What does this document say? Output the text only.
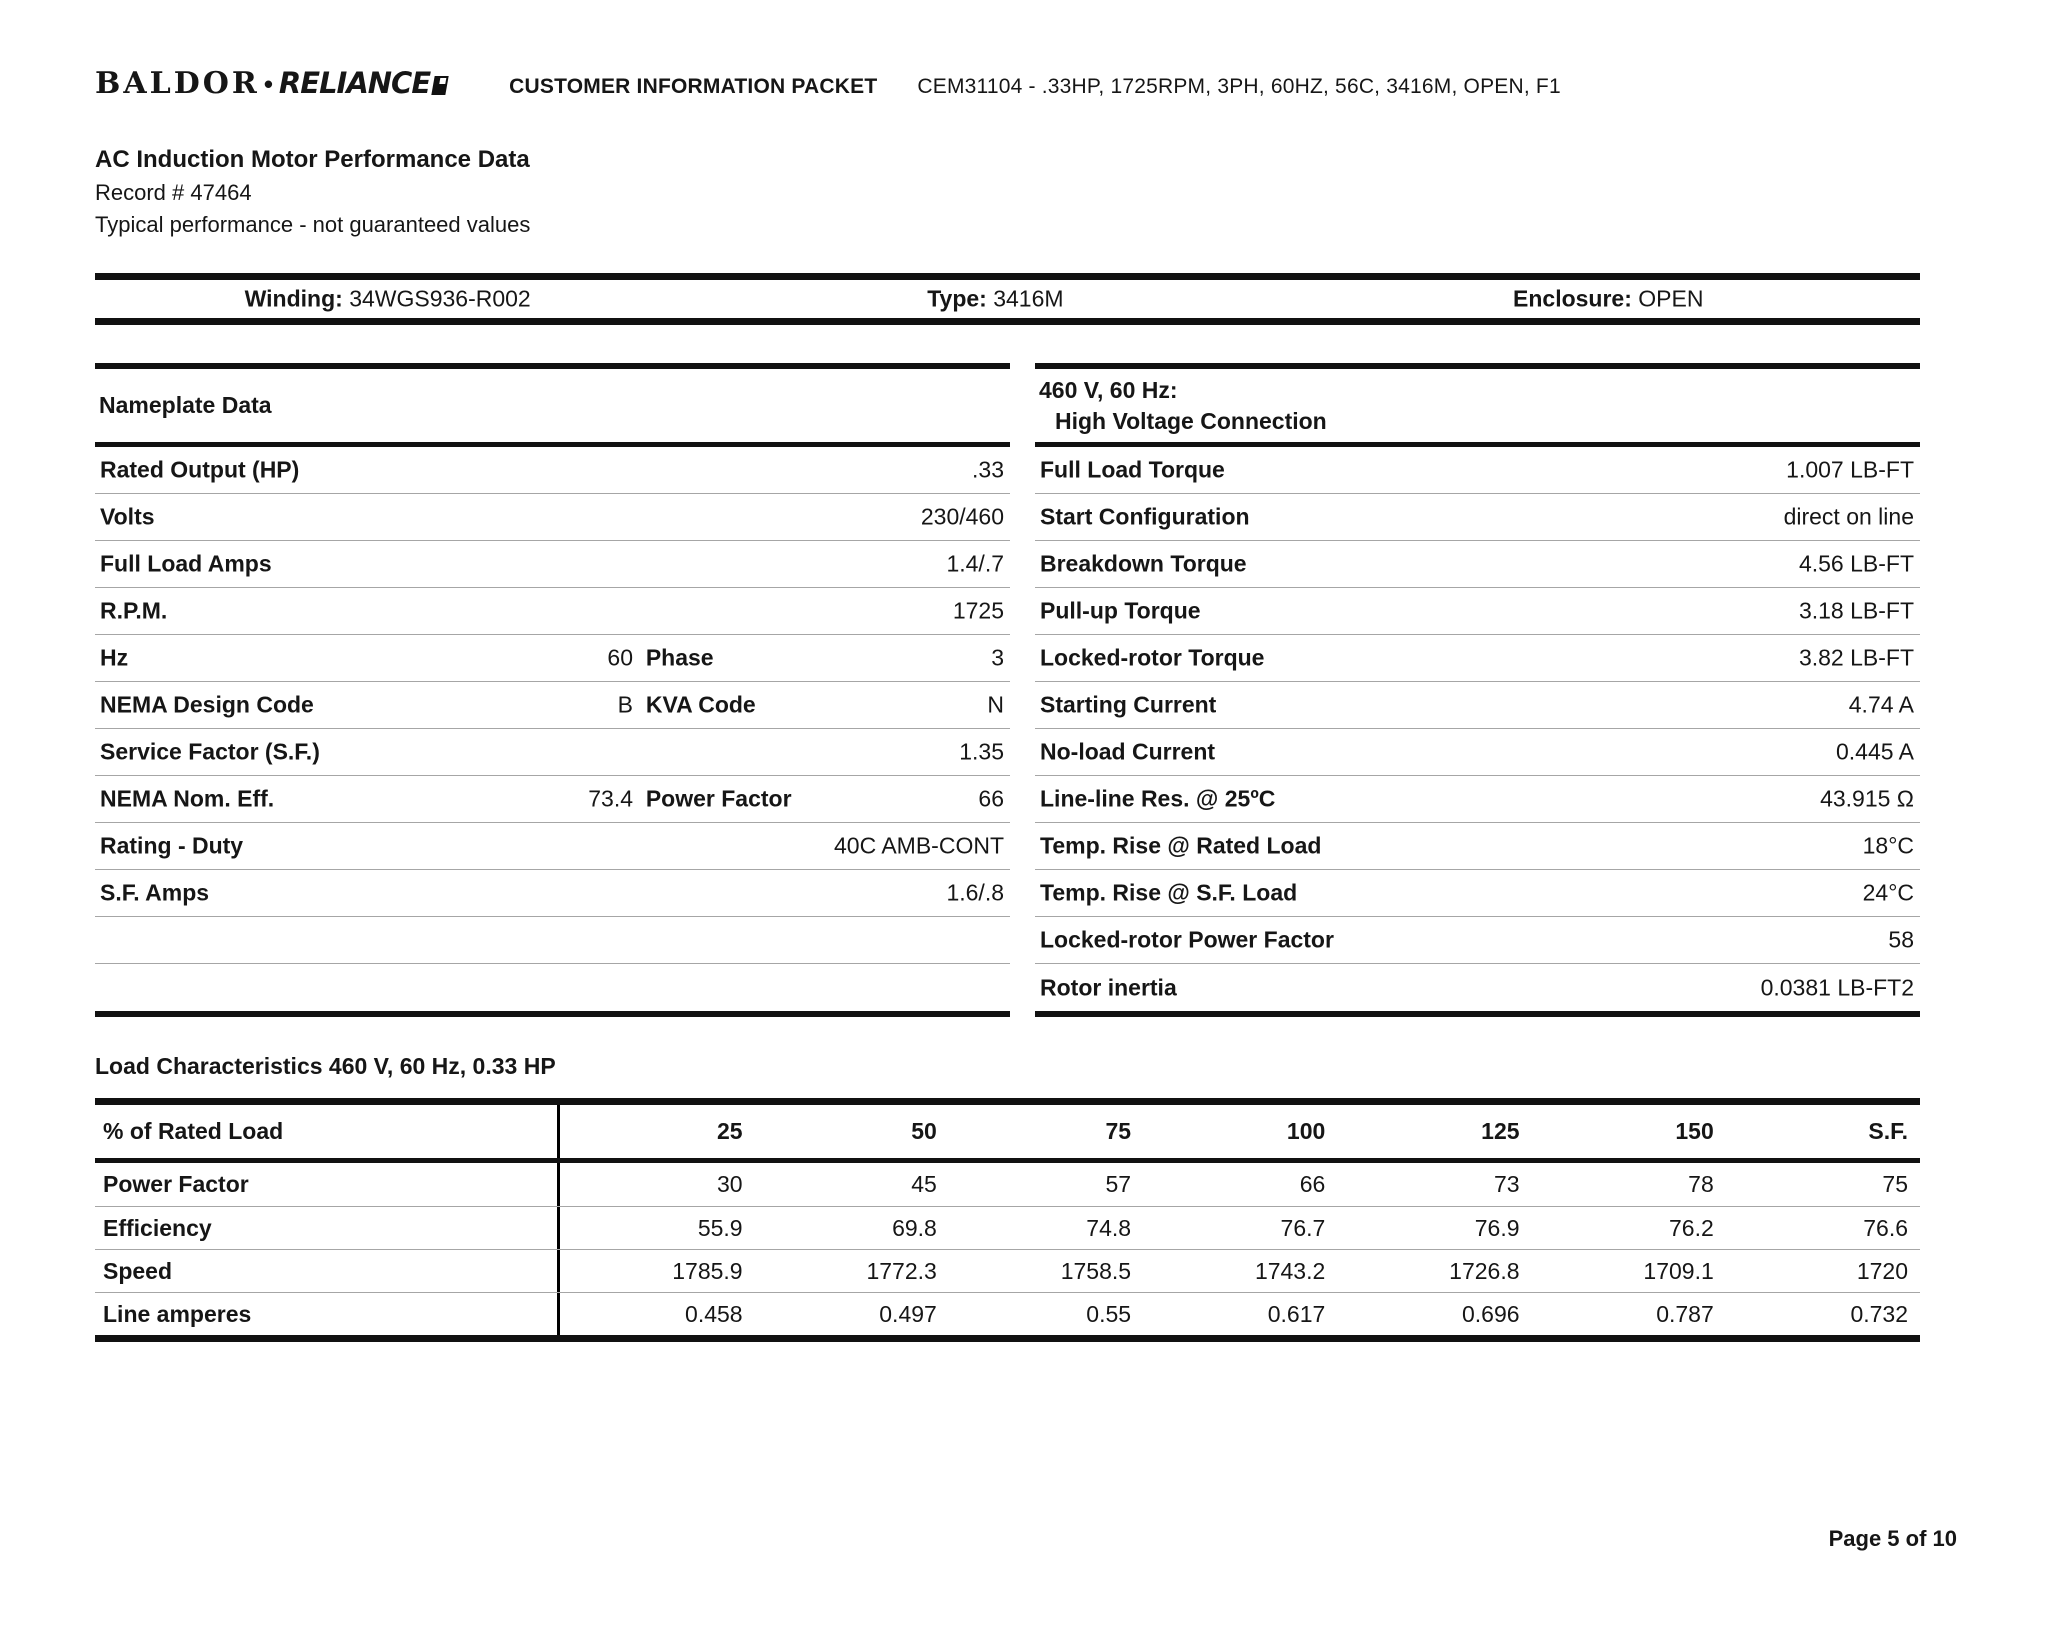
BALDOR • RELIANCE	CUSTOMER INFORMATION PACKET CEM31104 - .33HP, 1725RPM, 3PH, 60HZ, 56C, 3416M, OPEN, F1
AC Induction Motor Performance Data
Record # 47464
Typical performance - not guaranteed values
Winding: 34WGS936-R002	Type: 3416M	Enclosure: OPEN
Nameplate Data
Rated Output (HP)	.33
Volts	230/460
Full Load Amps	1.4/.7
R.P.M.	1725
Hz	60 Phase	3
NEMA Design Code	B KVA Code	N
Service Factor (S.F.)	1.35
NEMA Nom. Eff.	73.4 Power Factor	66
Rating - Duty	40C AMB-CONT
S.F. Amps	1.6/.8
460 V, 60 Hz:
High Voltage Connection
Full Load Torque	1.007 LB-FT
Start Configuration	direct on line
Breakdown Torque	4.56 LB-FT
Pull-up Torque	3.18 LB-FT
Locked-rotor Torque	3.82 LB-FT
Starting Current	4.74 A
No-load Current	0.445 A
Line-line Res. @ 25ºC	43.915 Ω
Temp. Rise @ Rated Load	18°C
Temp. Rise @ S.F. Load	24°C
Locked-rotor Power Factor	58
Rotor inertia	0.0381 LB-FT2
Load Characteristics 460 V, 60 Hz, 0.33 HP
% of Rated Load	25	50	75	100	125	150	S.F.
Power Factor	30	45	57	66	73	78	75
Efficiency	55.9	69.8	74.8	76.7	76.9	76.2	76.6
Speed	1785.9	1772.3	1758.5	1743.2	1726.8	1709.1	1720
Line amperes	0.458	0.497	0.55	0.617	0.696	0.787	0.732
Page 5 of 10
